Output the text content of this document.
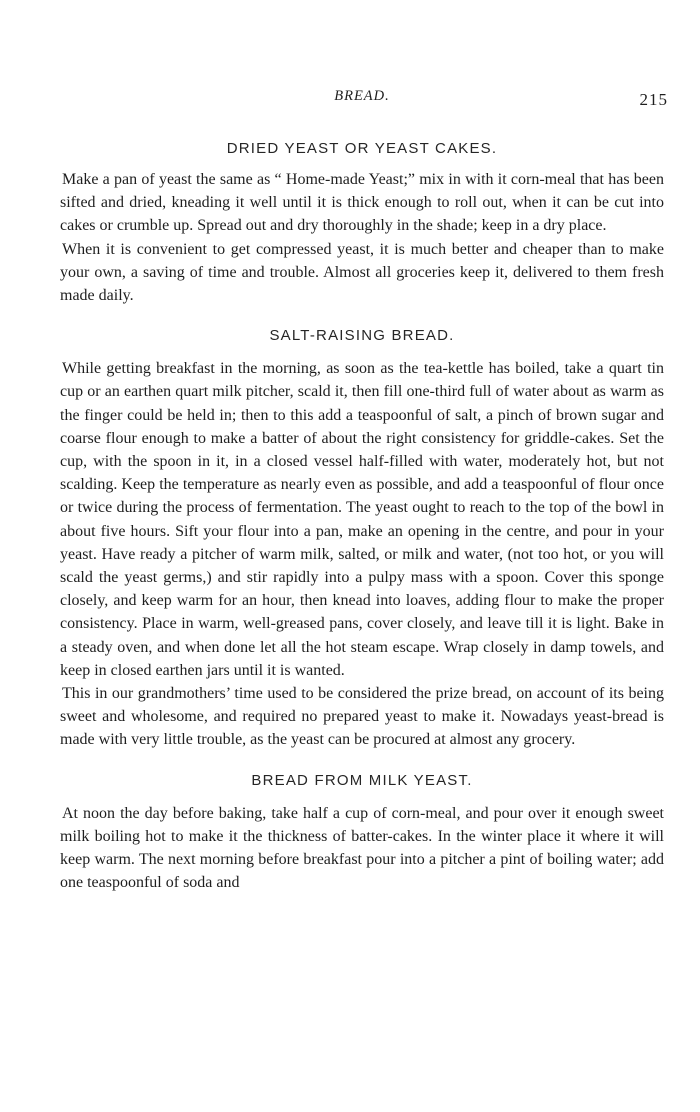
BREAD.	215
DRIED YEAST OR YEAST CAKES.

Make a pan of yeast the same as “ Home-made Yeast;” mix in with it corn-meal that has been sifted and dried, kneading it well until it is thick enough to roll out, when it can be cut into cakes or crumble up. Spread out and dry thoroughly in the shade; keep in a dry place.

When it is convenient to get compressed yeast, it is much better and cheaper than to make your own, a saving of time and trouble. Almost all groceries keep it, delivered to them fresh made daily.

SALT-RAISING BREAD.

While getting breakfast in the morning, as soon as the tea-kettle has boiled, take a quart tin cup or an earthen quart milk pitcher, scald it, then fill one-third full of water about as warm as the finger could be held in; then to this add a teaspoonful of salt, a pinch of brown sugar and coarse flour enough to make a batter of about the right consistency for griddle-cakes. Set the cup, with the spoon in it, in a closed vessel half-filled with water, moderately hot, but not scalding. Keep the temperature as nearly even as possible, and add a teaspoonful of flour once or twice during the process of fermentation. The yeast ought to reach to the top of the bowl in about five hours. Sift your flour into a pan, make an opening in the centre, and pour in your yeast. Have ready a pitcher of warm milk, salted, or milk and water, (not too hot, or you will scald the yeast germs,) and stir rapidly into a pulpy mass with a spoon. Cover this sponge closely, and keep warm for an hour, then knead into loaves, adding flour to make the proper consistency. Place in warm, well-greased pans, cover closely, and leave till it is light. Bake in a steady oven, and when done let all the hot steam escape. Wrap closely in damp towels, and keep in closed earthen jars until it is wanted.

This in our grandmothers’ time used to be considered the prize bread, on account of its being sweet and wholesome, and required no prepared yeast to make it. Nowadays yeast-bread is made with very little trouble, as the yeast can be procured at almost any grocery.

BREAD FROM MILK YEAST.

At noon the day before baking, take half a cup of corn-meal, and pour over it enough sweet milk boiling hot to make it the thickness of batter-cakes. In the winter place it where it will keep warm. The next morning before breakfast pour into a pitcher a pint of boiling water; add one teaspoonful of soda and
